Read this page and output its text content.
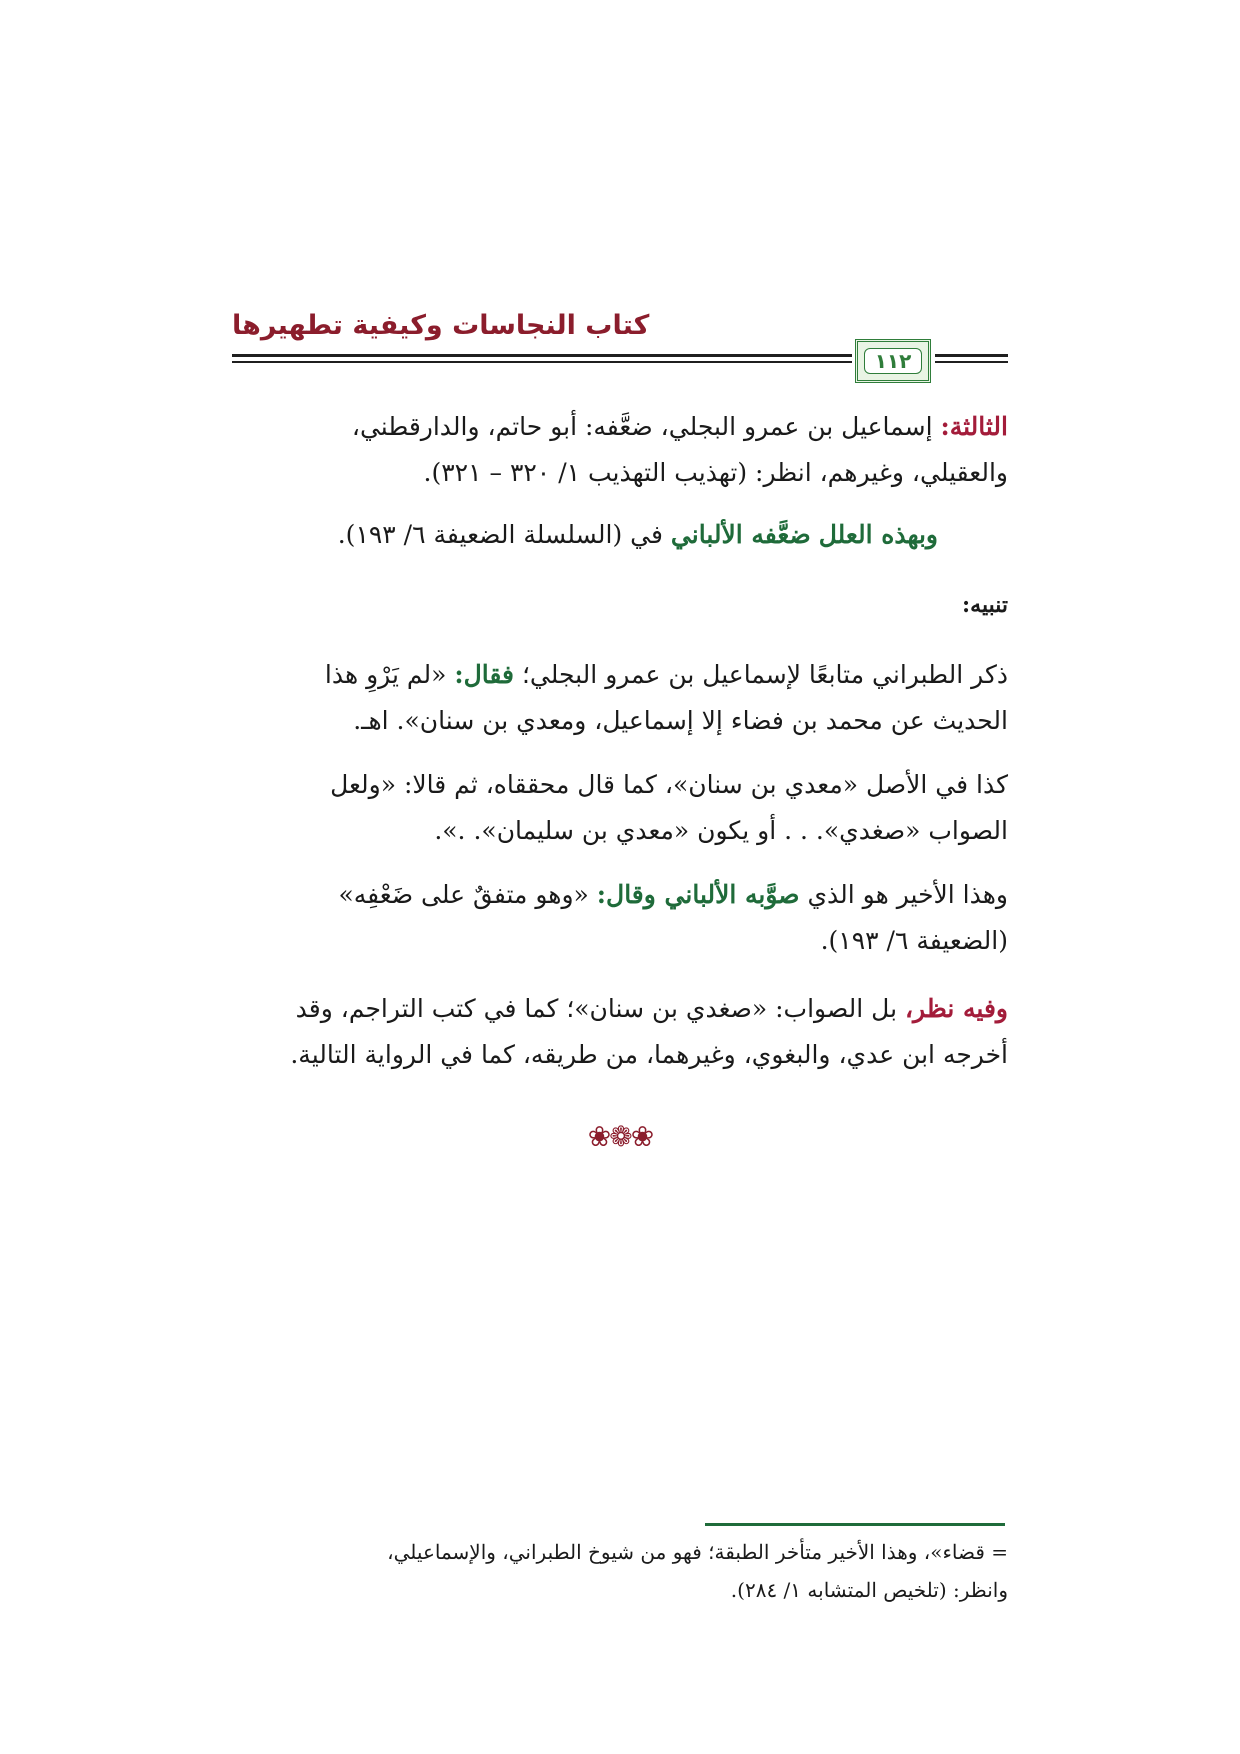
كتاب النجاسات وكيفية تطهيرها
١١٢
الثالثة: إسماعيل بن عمرو البجلي، ضعَّفه: أبو حاتم، والدارقطني،
والعقيلي، وغيرهم، انظر: (تهذيب التهذيب ١/ ٣٢٠ – ٣٢١).
وبهذه العلل ضعَّفه الألباني في (السلسلة الضعيفة ٦/ ١٩٣).
تنبيه:
ذكر الطبراني متابعًا لإسماعيل بن عمرو البجلي؛ فقال: «لم يَرْوِ هذا
الحديث عن محمد بن فضاء إلا إسماعيل، ومعدي بن سنان». اهـ.
كذا في الأصل «معدي بن سنان»، كما قال محققاه، ثم قالا: «ولعل
الصواب «صغدي». . . أو يكون «معدي بن سليمان». .».
وهذا الأخير هو الذي صوَّبه الألباني وقال: «وهو متفقٌ على ضَعْفِه»
(الضعيفة ٦/ ١٩٣).
وفيه نظر، بل الصواب: «صغدي بن سنان»؛ كما في كتب التراجم، وقد
أخرجه ابن عدي، والبغوي، وغيرهما، من طريقه، كما في الرواية التالية.
❀❁❀
= قضاء»، وهذا الأخير متأخر الطبقة؛ فهو من شيوخ الطبراني، والإسماعيلي،
وانظر: (تلخيص المتشابه ١/ ٢٨٤).
